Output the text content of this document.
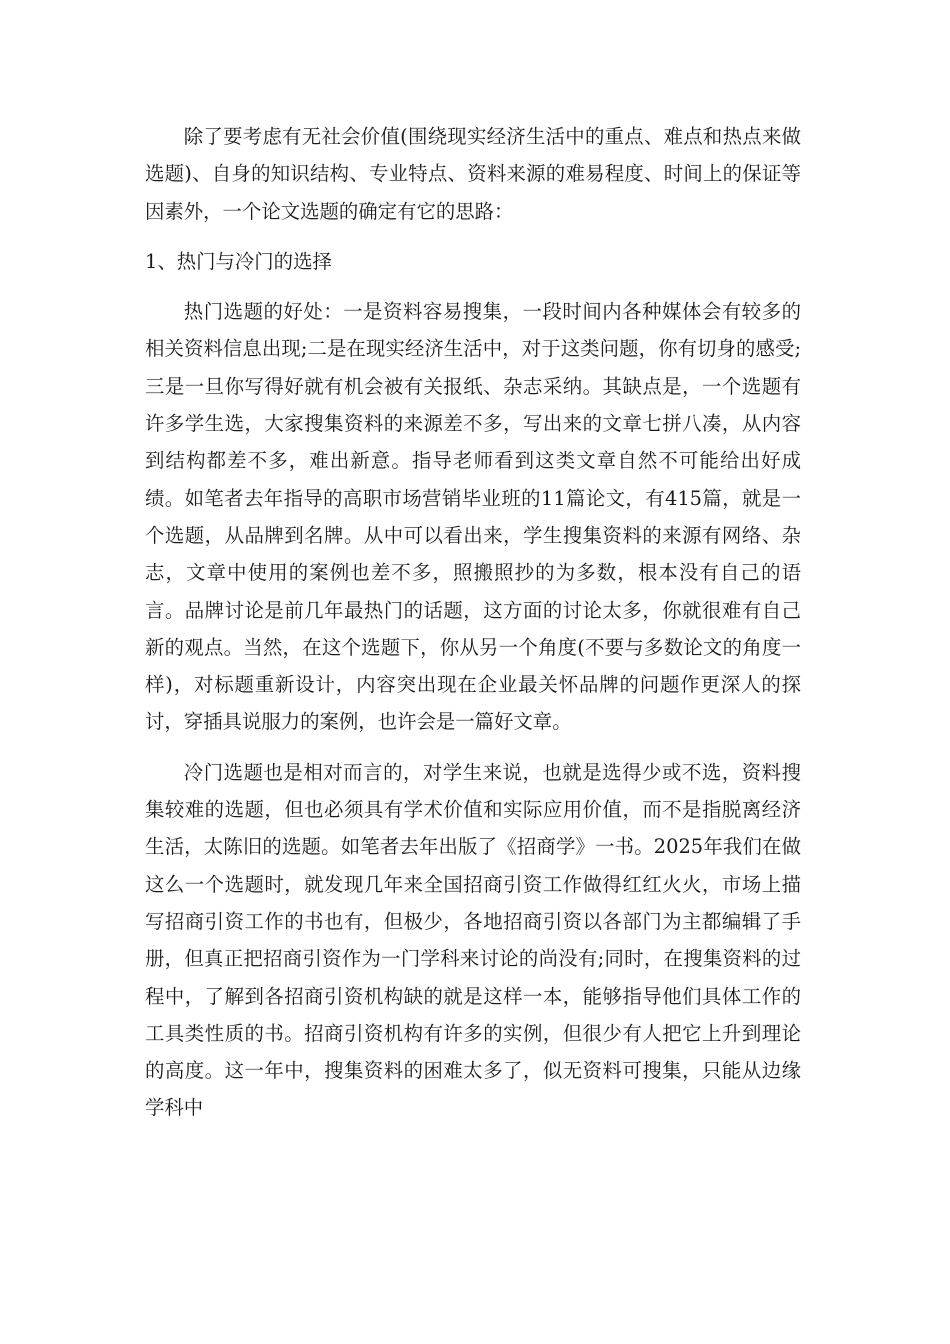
除了要考虑有无社会价值(围绕现实经济生活中的重点、难点和热点来做选题)、自身的知识结构、专业特点、资料来源的难易程度、时间上的保证等因素外，一个论文选题的确定有它的思路：

1、热门与冷门的选择

热门选题的好处：一是资料容易搜集，一段时间内各种媒体会有较多的相关资料信息出现;二是在现实经济生活中，对于这类问题，你有切身的感受;三是一旦你写得好就有机会被有关报纸、杂志采纳。其缺点是，一个选题有许多学生选，大家搜集资料的来源差不多，写出来的文章七拼八凑，从内容到结构都差不多，难出新意。指导老师看到这类文章自然不可能给出好成绩。如笔者去年指导的高职市场营销毕业班的11篇论文，有415篇，就是一个选题，从品牌到名牌。从中可以看出来，学生搜集资料的来源有网络、杂志，文章中使用的案例也差不多，照搬照抄的为多数，根本没有自己的语言。品牌讨论是前几年最热门的话题，这方面的讨论太多，你就很难有自己新的观点。当然，在这个选题下，你从另一个角度(不要与多数论文的角度一样)，对标题重新设计，内容突出现在企业最关怀品牌的问题作更深人的探讨，穿插具说服力的案例，也许会是一篇好文章。

冷门选题也是相对而言的，对学生来说，也就是选得少或不选，资料搜集较难的选题，但也必须具有学术价值和实际应用价值，而不是指脱离经济生活，太陈旧的选题。如笔者去年出版了《招商学》一书。2025年我们在做这么一个选题时，就发现几年来全国招商引资工作做得红红火火，市场上描写招商引资工作的书也有，但极少，各地招商引资以各部门为主都编辑了手册，但真正把招商引资作为一门学科来讨论的尚没有;同时，在搜集资料的过程中，了解到各招商引资机构缺的就是这样一本，能够指导他们具体工作的工具类性质的书。招商引资机构有许多的实例，但很少有人把它上升到理论的高度。这一年中，搜集资料的困难太多了，似无资料可搜集，只能从边缘学科中
